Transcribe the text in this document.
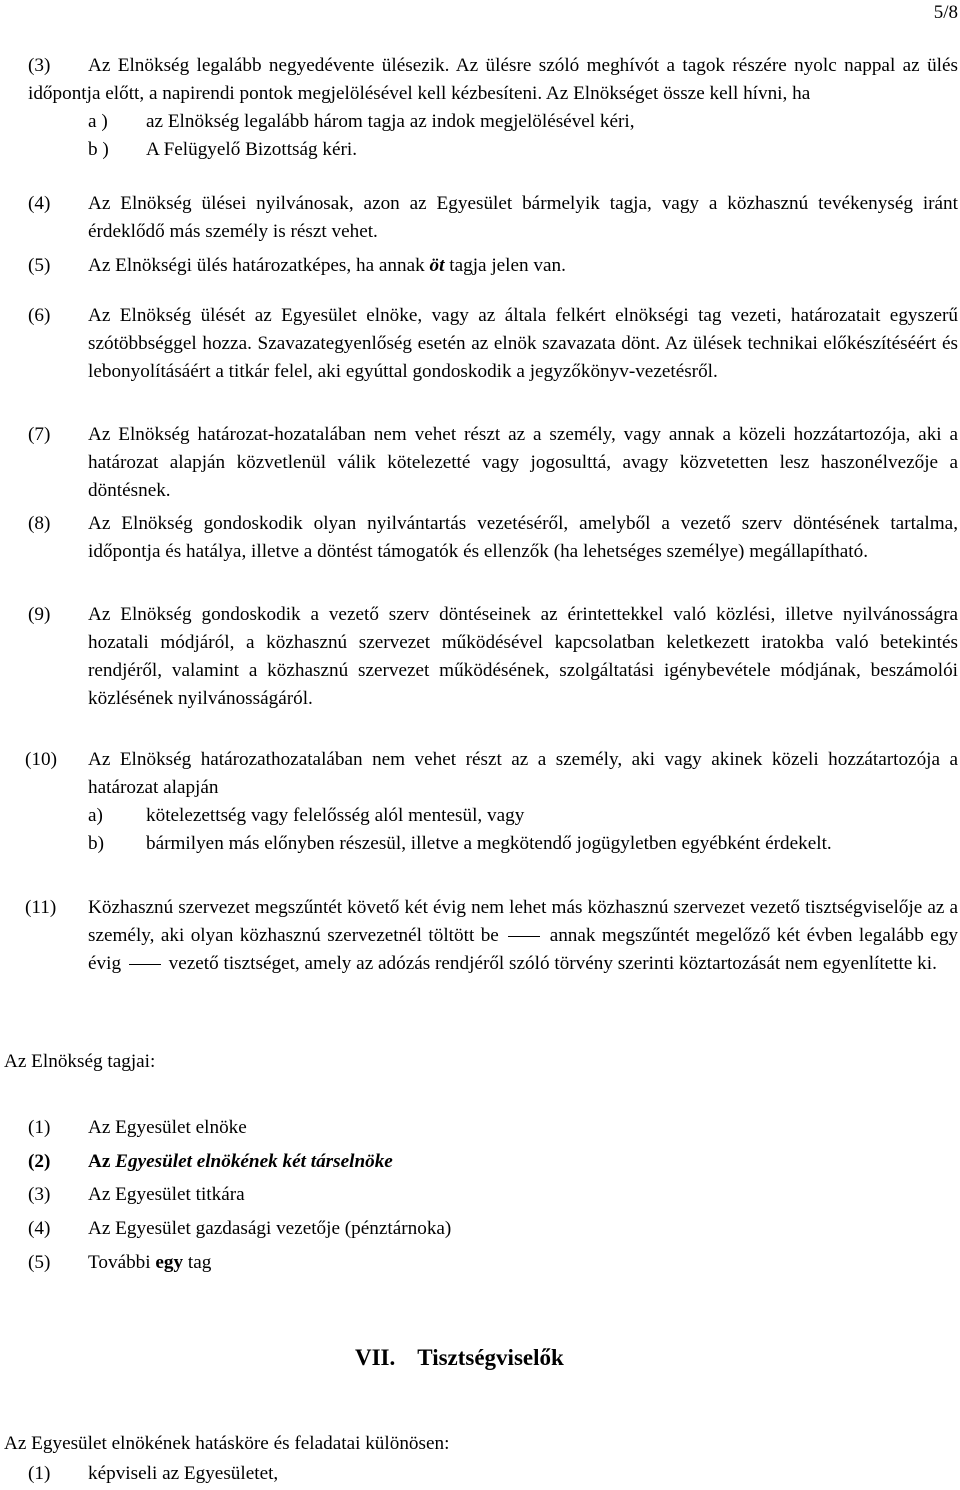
5/8
(3)	Az Elnökség legalább negyedévente ülésezik. Az ülésre szóló meghívót a tagok részére nyolc nappal az ülés időpontja előtt, a napirendi pontok megjelölésével kell kézbesíteni. Az Elnökséget össze kell hívni, ha
a ) az Elnökség legalább három tagja az indok megjelölésével kéri,
b ) A Felügyelő Bizottság kéri.
(4) Az Elnökség ülései nyilvánosak, azon az Egyesület bármelyik tagja, vagy a közhasznú tevékenység iránt érdeklődő más személy is részt vehet.
(5) Az Elnökségi ülés határozatképes, ha annak öt tagja jelen van.
(6) Az Elnökség ülését az Egyesület elnöke, vagy az általa felkért elnökségi tag vezeti, határozatait egyszerű szótöbbséggel hozza. Szavazategyenlőség esetén az elnök szavazata dönt. Az ülések technikai előkészítéséért és lebonyolításáért a titkár felel, aki egyúttal gondoskodik a jegyzőkönyv-vezetésről.
(7) Az Elnökség határozat-hozatalában nem vehet részt az a személy, vagy annak a közeli hozzátartozója, aki a határozat alapján közvetlenül válik kötelezetté vagy jogosulttá, avagy közvetetten lesz haszonélvezője a döntésnek.
(8) Az Elnökség gondoskodik olyan nyilvántartás vezetéséről, amelyből a vezető szerv döntésének tartalma, időpontja és hatálya, illetve a döntést támogatók és ellenzők (ha lehetséges személye) megállapítható.
(9) Az Elnökség gondoskodik a vezető szerv döntéseinek az érintettekkel való közlési, illetve nyilvánosságra hozatali módjáról, a közhasznú szervezet működésével kapcsolatban keletkezett iratokba való betekintés rendjéről, valamint a közhasznú szervezet működésének, szolgáltatási igénybevétele módjának, beszámolói közlésének nyilvánosságáról.
(10) Az Elnökség határozathozatalában nem vehet részt az a személy, aki vagy akinek közeli hozzátartozója a határozat alapján
a)	kötelezettség vagy felelősség alól mentesül, vagy
b) bármilyen más előnyben részesül, illetve a megkötendő jogügyletben egyébként érdekelt.
(11) Közhasznú szervezet megszűntét követő két évig nem lehet más közhasznú szervezet vezető tisztségviselője az a személy, aki olyan közhasznú szervezetnél töltött be	annak megszűntét megelőző két évben legalább egy évig vezető tisztséget, amely az adózás rendjéről szóló törvény szerinti köztartozását nem egyenlítette ki.
Az Elnökség tagjai:
(1) Az Egyesület elnöke
(2) Az Egyesület elnökének két társelnöke
(3) Az Egyesület titkára
(4) Az Egyesület gazdasági vezetője (pénztárnoka)
(5) További egy tag
VII. Tisztségviselők
Az Egyesület elnökének hatásköre és feladatai különösen:
(1) képviseli az Egyesületet,
